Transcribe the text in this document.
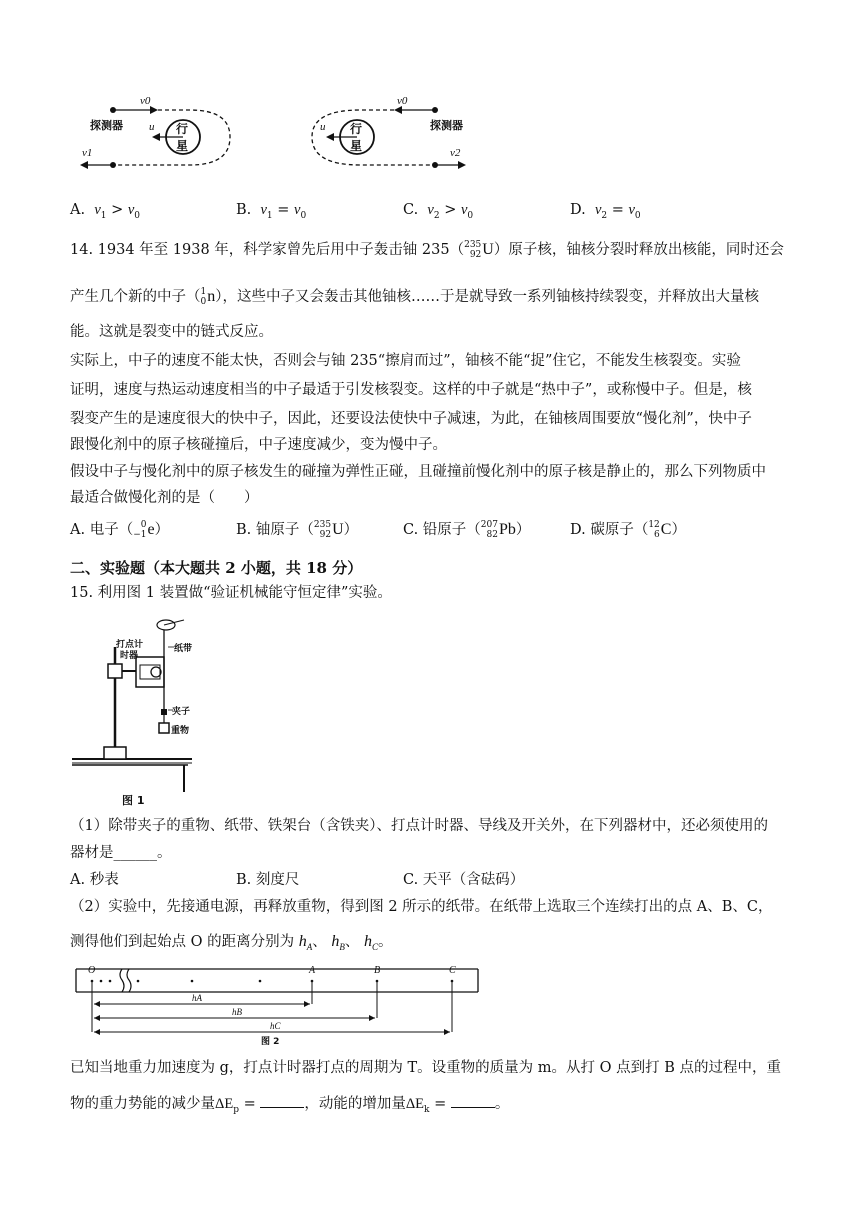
探测器
v0
u
v1
行
星
探测器
v0
u
v2
行
星
A. $v_1 > v_0$	B. $v_1 = v_0$	C. $v_2 > v_0$	D. $v_2 = v_0$
14. 1934 年至 1938 年，科学家曾先后用中子轰击铀 235（ 235
92 U ）原子核，铀核分裂时释放出核能，同时还会
产生几个新的中子（ 1
0 n ），这些中子又会轰击其他铀核……于是就导致一系列铀核持续裂变，并释放出大量核
能。这就是裂变中的链式反应。
实际上，中子的速度不能太快，否则会与铀 235“擦肩而过”，铀核不能“捉”住它，不能发生核裂变。实验
证明，速度与热运动速度相当的中子最适于引发核裂变。这样的中子就是“热中子”，或称慢中子。但是，核
裂变产生的是速度很大的快中子，因此，还要设法使快中子减速，为此，在铀核周围要放“慢化剂”，快中子
跟慢化剂中的原子核碰撞后，中子速度减少，变为慢中子。
假设中子与慢化剂中的原子核发生的碰撞为弹性正碰，且碰撞前慢化剂中的原子核是静止的，那么下列物质中
最适合做慢化剂的是（　　）
A. 电子（ 0
−1 e ）	B. 铀原子（ 235
92 U ）	C. 铅原子（ 207
82 Pb ）	D. 碳原子（ 12
6 C ）
二、实验题（本大题共 2 小题，共 18 分）
15. 利用图 1 装置做“验证机械能守恒定律”实验。
打点计
时器
纸带
夹子
重物
图 1
（1）除带夹子的重物、纸带、铁架台（含铁夹）、打点计时器、导线及开关外，在下列器材中，还必须使用的
器材是______。
A. 秒表	B. 刻度尺	C. 天平（含砝码）
（2）实验中，先接通电源，再释放重物，得到图 2 所示的纸带。在纸带上选取三个连续打出的点 A、B、C，
测得他们到起始点 O 的距离分别为 $h_A$、 $h_B$、 $h_C$。
O	A	B	C
hA
hB
hC
图 2
已知当地重力加速度为 g，打点计时器打点的周期为 T。设重物的质量为 m。从打 O 点到打 B 点的过程中，重
物的重力势能的减少量$\Delta E_p$ =	，动能的增加量$\Delta E_k$ =	。
